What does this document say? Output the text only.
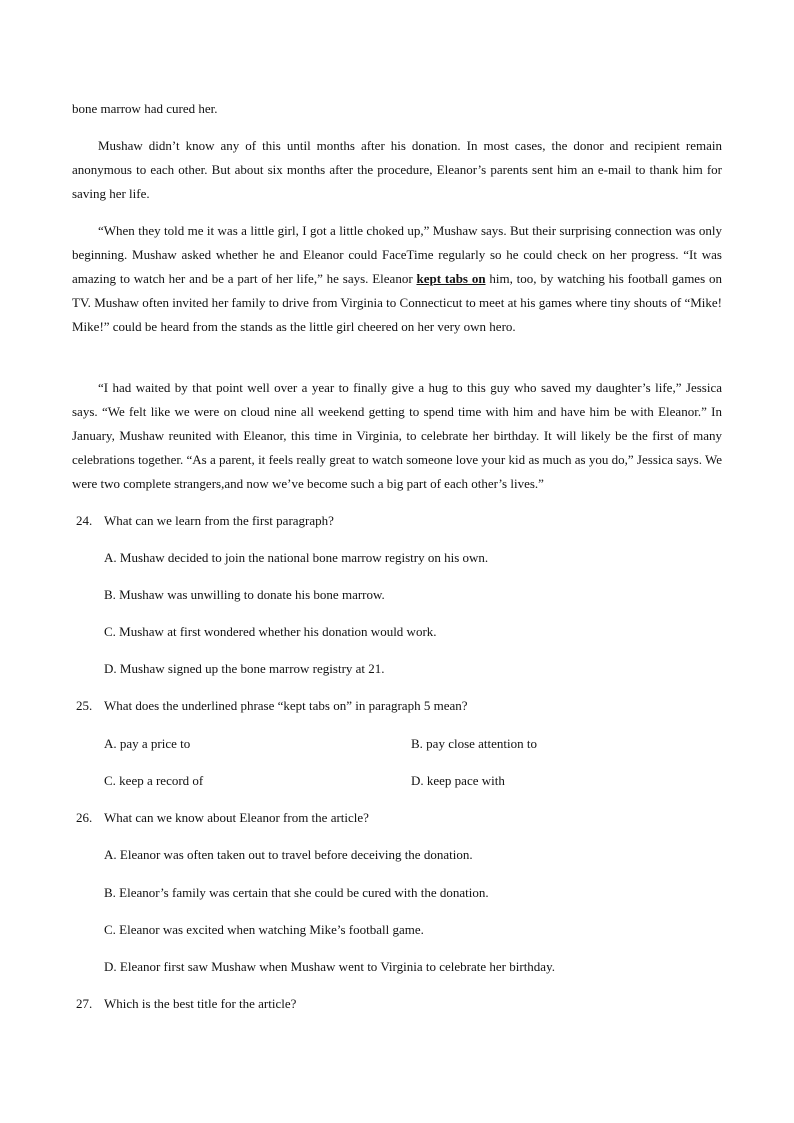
bone marrow had cured her.
Mushaw didn’t know any of this until months after his donation. In most cases, the donor and recipient remain anonymous to each other. But about six months after the procedure, Eleanor’s parents sent him an e-mail to thank him for saving her life.
“When they told me it was a little girl, I got a little choked up,” Mushaw says. But their surprising connection was only beginning. Mushaw asked whether he and Eleanor could FaceTime regularly so he could check on her progress. “It was amazing to watch her and be a part of her life,” he says. Eleanor kept tabs on him, too, by watching his football games on TV. Mushaw often invited her family to drive from Virginia to Connecticut to meet at his games where tiny shouts of “Mike! Mike!” could be heard from the stands as the little girl cheered on her very own hero.
“I had waited by that point well over a year to finally give a hug to this guy who saved my daughter’s life,” Jessica says. “We felt like we were on cloud nine all weekend getting to spend time with him and have him be with Eleanor.” In January, Mushaw reunited with Eleanor, this time in Virginia, to celebrate her birthday. It will likely be the first of many celebrations together. “As a parent, it feels really great to watch someone love your kid as much as you do,” Jessica says. We were two complete strangers,and now we’ve become such a big part of each other’s lives.”
24. What can we learn from the first paragraph?
A. Mushaw decided to join the national bone marrow registry on his own.
B. Mushaw was unwilling to donate his bone marrow.
C. Mushaw at first wondered whether his donation would work.
D. Mushaw signed up the bone marrow registry at 21.
25. What does the underlined phrase “kept tabs on” in paragraph 5 mean?
A. pay a price to	B. pay close attention to
C. keep a record of	D. keep pace with
26. What can we know about Eleanor from the article?
A. Eleanor was often taken out to travel before deceiving the donation.
B. Eleanor’s family was certain that she could be cured with the donation.
C. Eleanor was excited when watching Mike’s football game.
D. Eleanor first saw Mushaw when Mushaw went to Virginia to celebrate her birthday.
27. Which is the best title for the article?
